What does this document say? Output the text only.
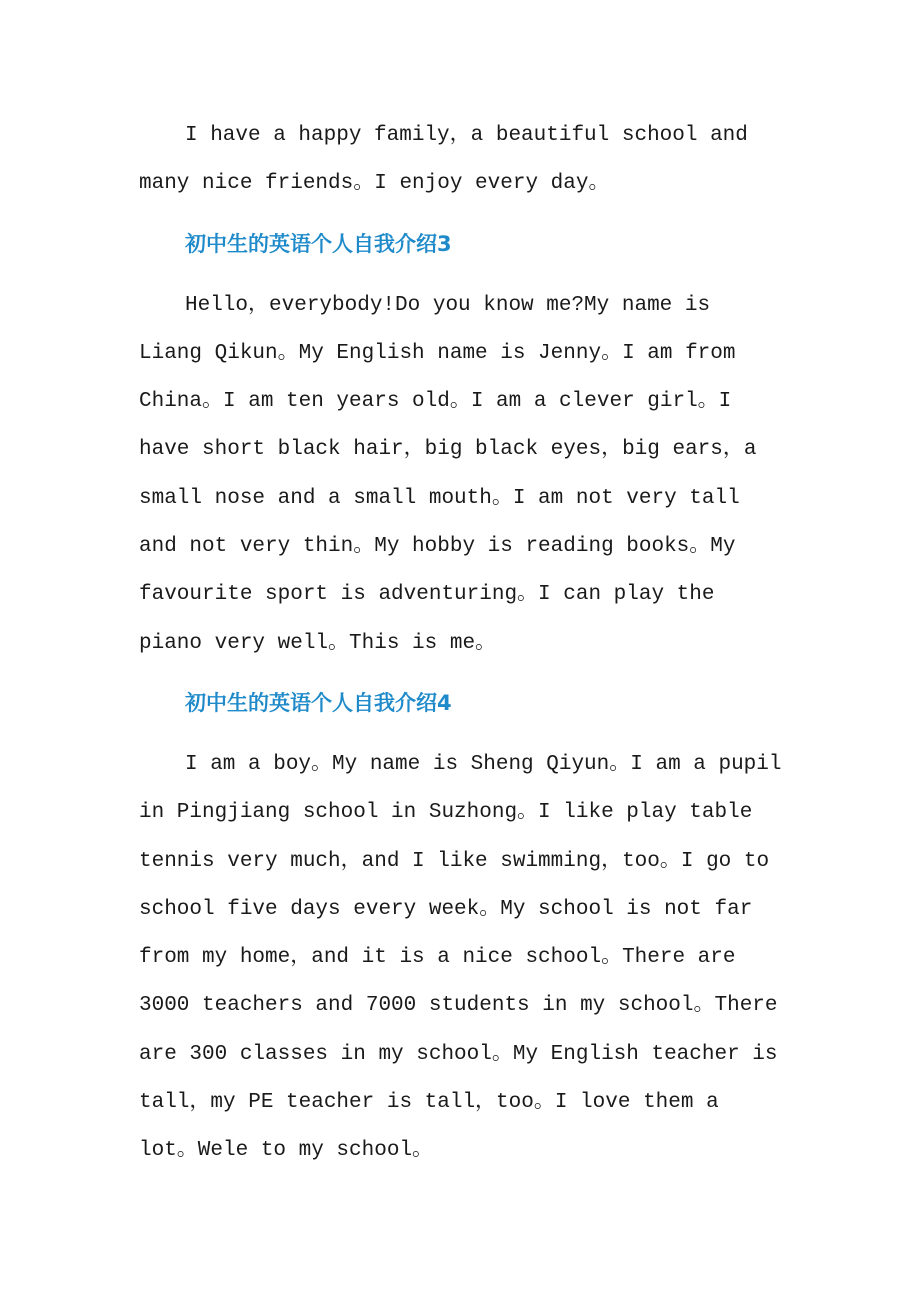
I have a happy family，a beautiful school and many nice friends。I enjoy every day。

初中生的英语个人自我介绍3

Hello，everybody!Do you know me?My name is Liang Qikun。My English name is Jenny。I am from China。I am ten years old。I am a clever girl。I have short black hair，big black eyes，big ears，a small nose and a small mouth。I am not very tall and not very thin。My hobby is reading books。My favourite sport is adventuring。I can play the piano very well。This is me。

初中生的英语个人自我介绍4

I am a boy。My name is Sheng Qiyun。I am a pupil in Pingjiang school in Suzhong。I like play table tennis very much，and I like swimming，too。I go to school five days every week。My school is not far from my home，and it is a nice school。There are 3000 teachers and 7000 students in my school。There are 300 classes in my school。My English teacher is tall，my PE teacher is tall，too。I love them a lot。Wele to my school。
